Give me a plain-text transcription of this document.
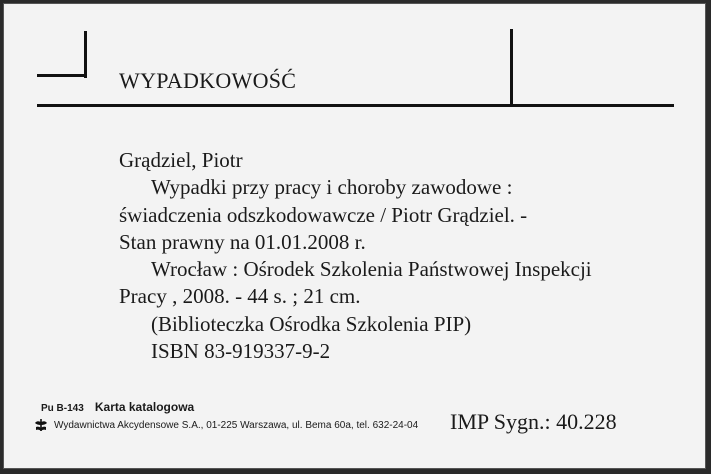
WYPADKOWOŚĆ
Grądziel, Piotr
Wypadki przy pracy i choroby zawodowe :
świadczenia odszkodowawcze / Piotr Grądziel. -
Stan prawny na 01.01.2008 r.
Wrocław : Ośrodek Szkolenia Państwowej Inspekcji
Pracy , 2008. - 44 s. ; 21 cm.
(Biblioteczka Ośrodka Szkolenia PIP)
ISBN 83-919337-9-2
Pu B-143 Karta katalogowa
Wydawnictwa Akcydensowe S.A., 01-225 Warszawa, ul. Bema 60a, tel. 632-24-04 IMP Sygn.: 40.228
